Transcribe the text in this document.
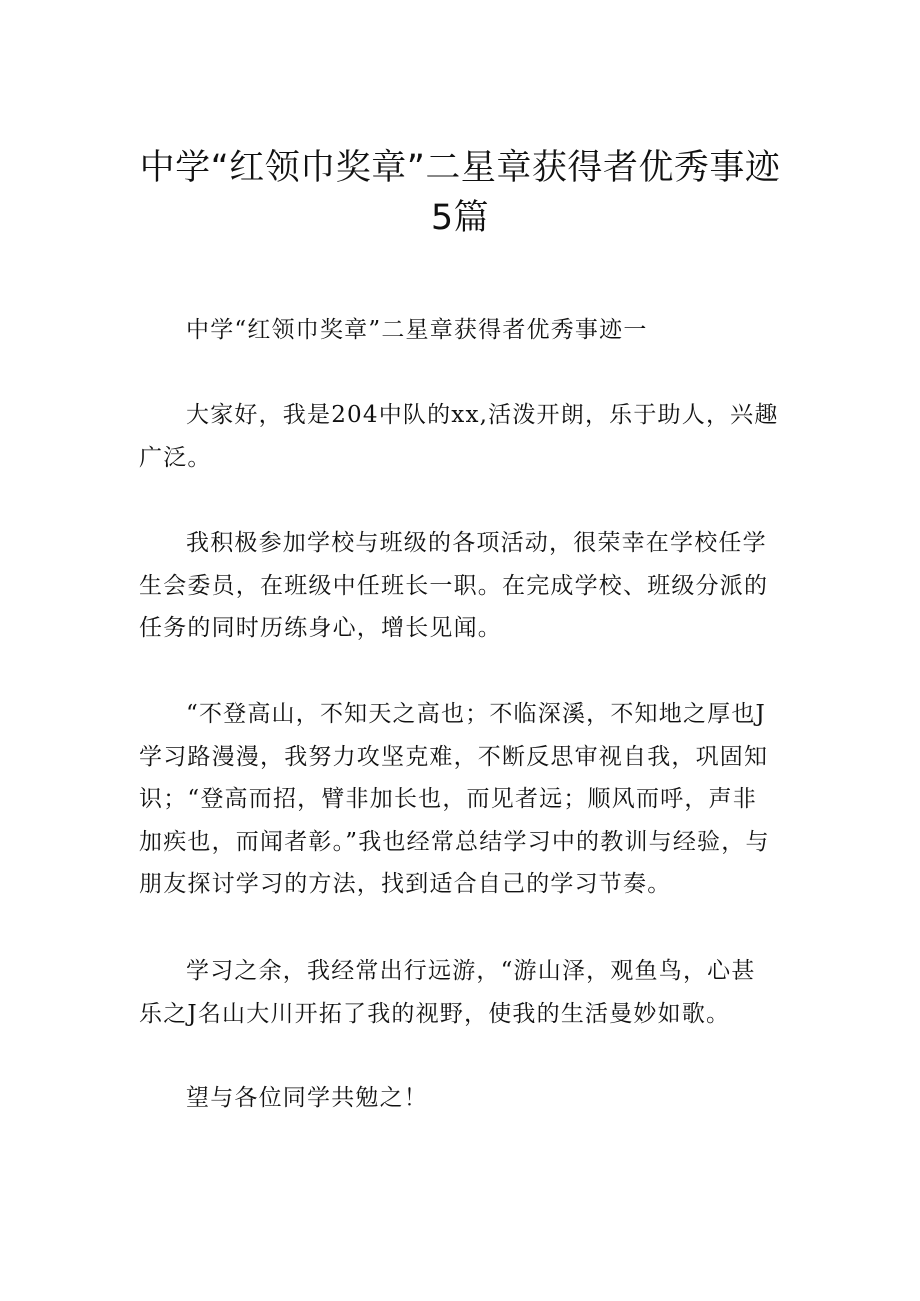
中学“红领巾奖章”二星章获得者优秀事迹
5篇
中学“红领巾奖章”二星章获得者优秀事迹一

大家好，我是204中队的xx,活泼开朗，乐于助人，兴趣广泛。

我积极参加学校与班级的各项活动，很荣幸在学校任学生会委员，在班级中任班长一职。在完成学校、班级分派的任务的同时历练身心，增长见闻。

“不登高山，不知天之高也；不临深溪，不知地之厚也J学习路漫漫，我努力攻坚克难，不断反思审视自我，巩固知识；“登高而招，臂非加长也，而见者远；顺风而呼，声非加疾也，而闻者彰。”我也经常总结学习中的教训与经验，与朋友探讨学习的方法，找到适合自己的学习节奏。

学习之余，我经常出行远游，“游山泽，观鱼鸟，心甚乐之J名山大川开拓了我的视野，使我的生活曼妙如歌。

望与各位同学共勉之！
